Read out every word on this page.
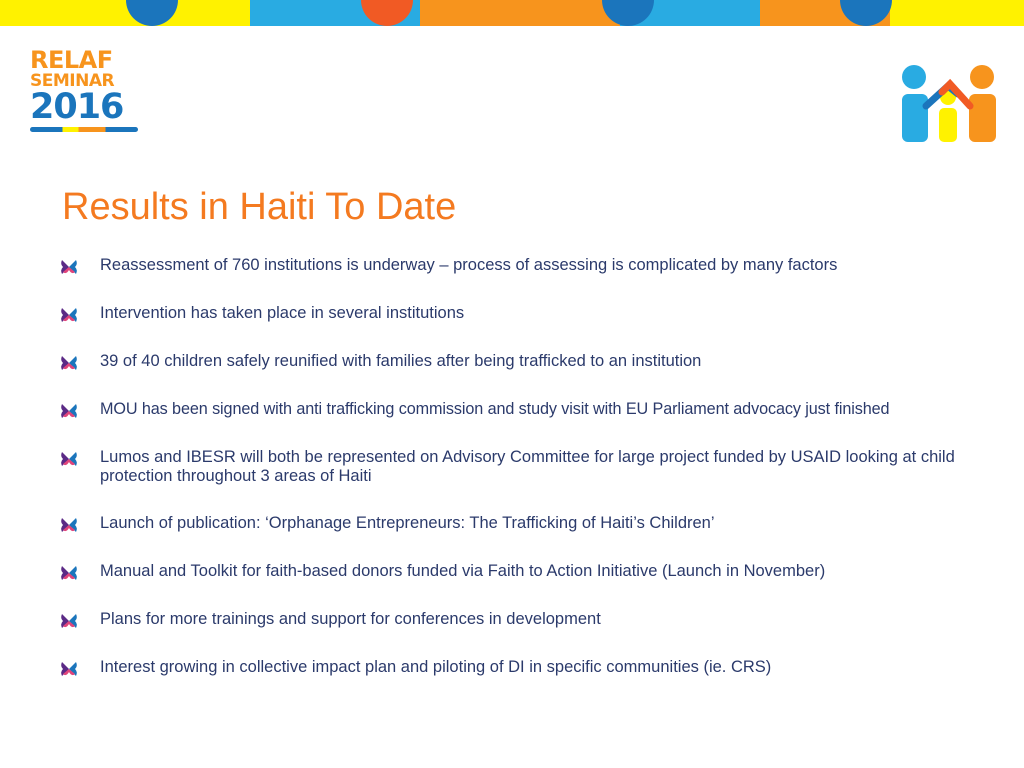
RELAF
SEMINAR
2016
Results in Haiti To Date
Reassessment of 760 institutions is underway – process of assessing is complicated by many factors
Intervention has taken place in several institutions
39 of 40 children safely reunified with families after being trafficked to an institution
MOU has been signed with anti trafficking commission and study visit with EU Parliament advocacy just finished
Lumos and IBESR will both be represented on Advisory Committee for large project funded by USAID looking at child protection throughout 3 areas of Haiti
Launch of publication: ‘Orphanage Entrepreneurs: The Trafficking of Haiti’s Children’
Manual and Toolkit for faith-based donors funded via Faith to Action Initiative (Launch in November)
Plans for more trainings and support for conferences in development
Interest growing in collective impact plan and piloting of DI in specific communities (ie. CRS)
